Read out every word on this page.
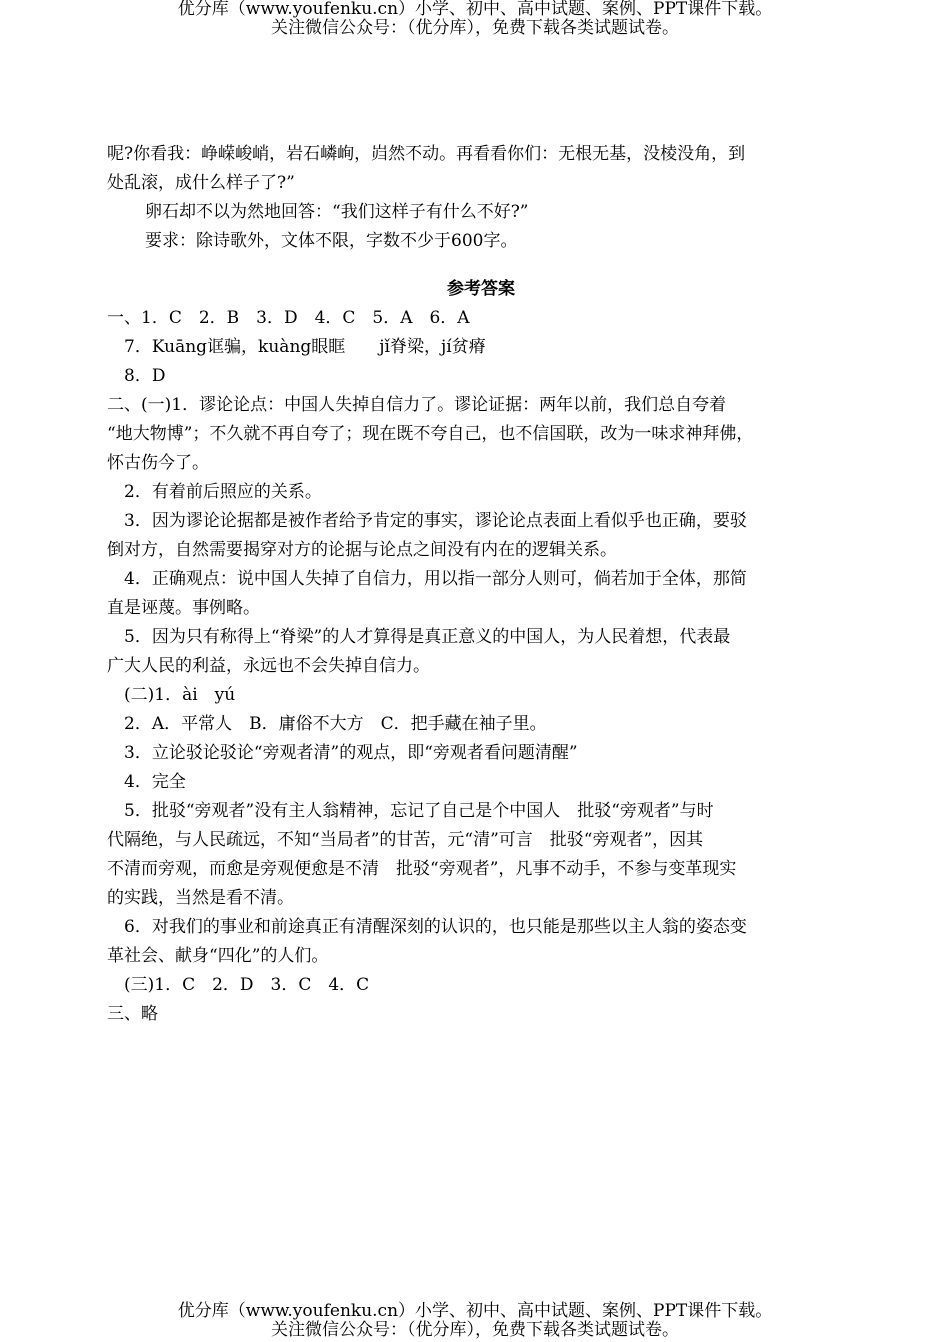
优分库（www.youfenku.cn）小学、初中、高中试题、案例、PPT课件下载。
关注微信公众号：（优分库），免费下载各类试题试卷。
呢?你看我：峥嵘峻峭，岩石嶙峋，岿然不动。再看看你们：无根无基，没棱没角，到
处乱滚，成什么样子了?”
卵石却不以为然地回答：“我们这样子有什么不好?”
要求：除诗歌外，文体不限，字数不少于600字。
参考答案
一、1．C　2．B　3．D　4．C　5．A　6．A
7．Kuāng诓骗，kuàng眼眶　　jǐ脊梁，jí贫瘠
8．D
二、(一)1．谬论论点：中国人失掉自信力了。谬论证据：两年以前，我们总自夸着
“地大物博”；不久就不再自夸了；现在既不夸自己，也不信国联，改为一味求神拜佛，
怀古伤今了。
2．有着前后照应的关系。
3．因为谬论论据都是被作者给予肯定的事实，谬论论点表面上看似乎也正确，要驳
倒对方，自然需要揭穿对方的论据与论点之间没有内在的逻辑关系。
4．正确观点：说中国人失掉了自信力，用以指一部分人则可，倘若加于全体，那简
直是诬蔑。事例略。
5．因为只有称得上“脊梁”的人才算得是真正意义的中国人，为人民着想，代表最
广大人民的利益，永远也不会失掉自信力。
(二)1．ài　yú
2．A．平常人　B．庸俗不大方　C．把手藏在袖子里。
3．立论驳论驳论“旁观者清”的观点，即“旁观者看问题清醒”
4．完全
5．批驳“旁观者”没有主人翁精神，忘记了自己是个中国人　批驳“旁观者”与时
代隔绝，与人民疏远，不知“当局者”的甘苦，元“清”可言　批驳“旁观者”，因其
不清而旁观，而愈是旁观便愈是不清　批驳“旁观者”，凡事不动手，不参与变革现实
的实践，当然是看不清。
6．对我们的事业和前途真正有清醒深刻的认识的，也只能是那些以主人翁的姿态变
革社会、献身“四化”的人们。
(三)1．C　2．D　3．C　4．C
三、略
优分库（www.youfenku.cn）小学、初中、高中试题、案例、PPT课件下载。
关注微信公众号：（优分库），免费下载各类试题试卷。
